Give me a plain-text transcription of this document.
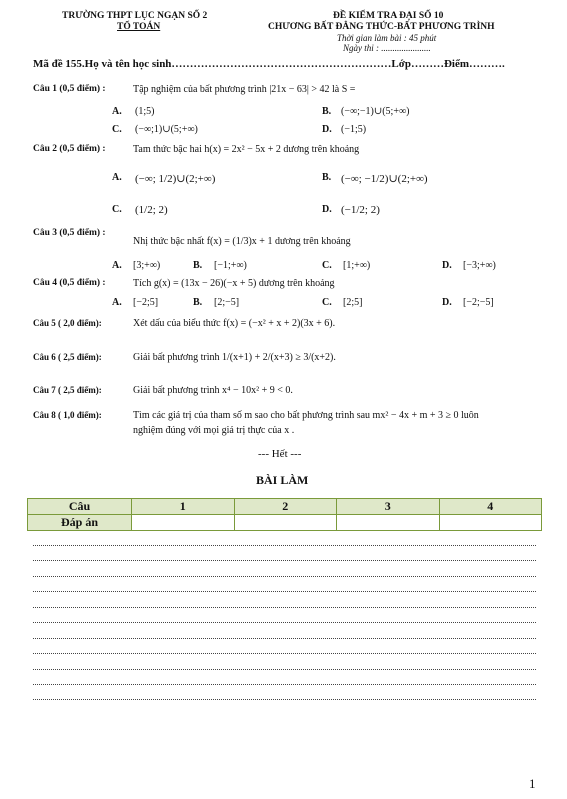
TRƯỜNG THPT LỤC NGẠN SỐ 2
TỔ TOÁN
ĐỀ KIỂM TRA ĐẠI SỐ 10
CHƯƠNG BẤT ĐẲNG THỨC-BẤT PHƯƠNG TRÌNH
Thời gian làm bài : 45 phút
Ngày thi : ......................
Mã đề 155.Họ và tên học sinh……………………………………………………Lớp………Điểm……….
Câu 1 (0,5 điểm) :	Tập nghiệm của bất phương trình |21x − 63| > 42 là S =
A. (1;5)	B. (−∞;−1)∪(5;+∞)
C. (−∞;1)∪(5;+∞)	D. (−1;5)
Câu 2 (0,5 điểm) :	Tam thức bậc hai h(x) = 2x² − 5x + 2 dương trên khoảng
A. (−∞; 1/2)∪(2;+∞)	B. (−∞; −1/2)∪(2;+∞)
C. (1/2; 2)	D. (−1/2; 2)
Câu 3 (0,5 điểm) :
Nhị thức bậc nhất f(x) = (1/3)x + 1 dương trên khoảng
A. [3;+∞)	B. [−1;+∞)	C. [1;+∞)	D. [−3;+∞)
Câu 4 (0,5 điểm) :	Tích g(x) = (13x − 26)(−x + 5) dương trên khoảng
A. [−2;5]	B. [2;−5]	C. [2;5]	D. [−2;−5]
Câu 5 ( 2,0 điểm):	Xét dấu của biểu thức f(x) = (−x² + x + 2)(3x + 6).
Câu 6 ( 2,5 điểm):	Giải bất phương trình 1/(x+1) + 2/(x+3) ≥ 3/(x+2).
Câu 7 ( 2,5 điểm):	Giải bất phương trình x⁴ − 10x² + 9 < 0.
Câu 8 ( 1,0 điểm):	Tìm các giá trị của tham số m sao cho bất phương trình sau mx² − 4x + m + 3 ≥ 0 luôn
nghiệm đúng với mọi giá trị thực của x .
--- Hết ---
BÀI LÀM
Câu	1	2	3	4
Đáp án				
1
